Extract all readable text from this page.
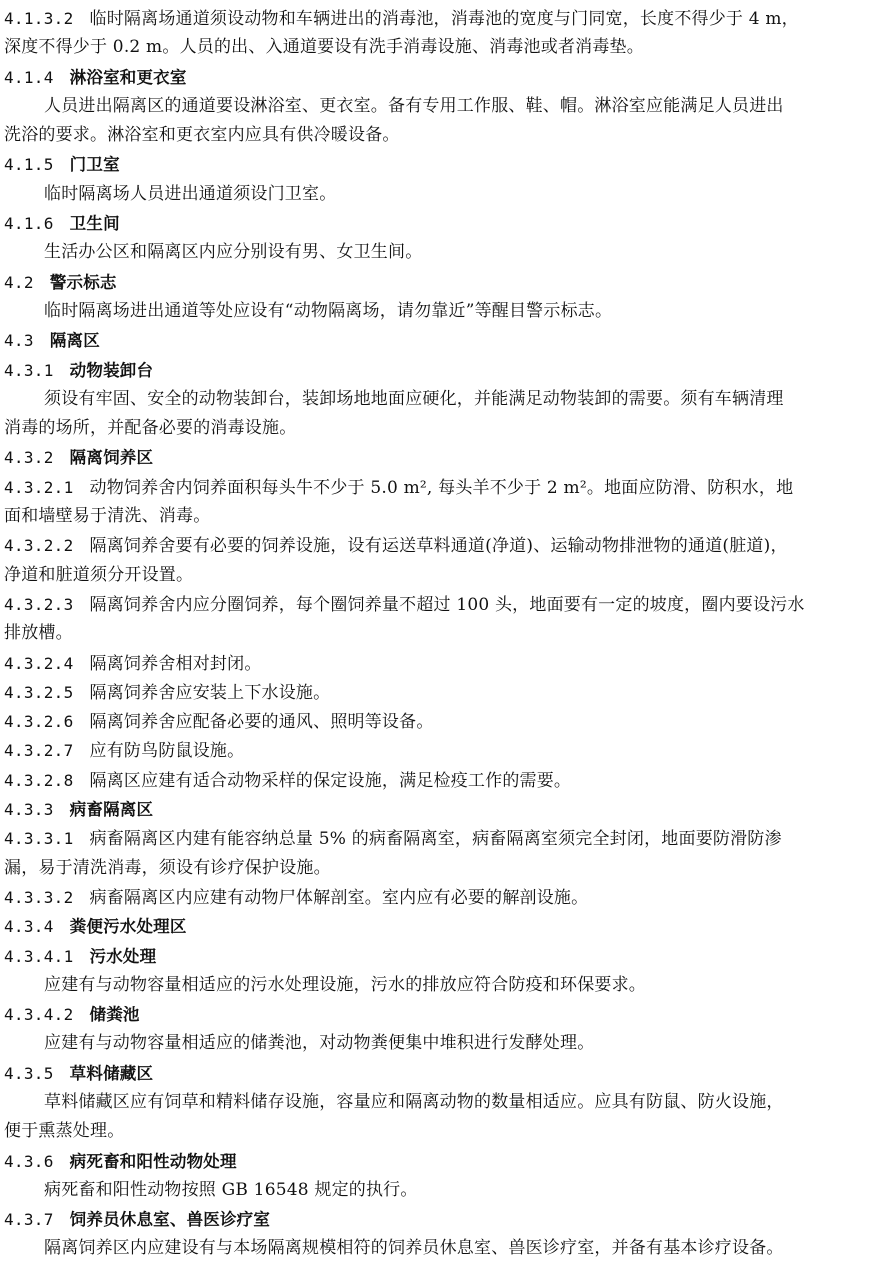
4.1.3.2 临时隔离场通道须设动物和车辆进出的消毒池，消毒池的宽度与门同宽，长度不得少于 4 m，
深度不得少于 0.2 m。人员的出、入通道要设有洗手消毒设施、消毒池或者消毒垫。
4.1.4 淋浴室和更衣室
人员进出隔离区的通道要设淋浴室、更衣室。备有专用工作服、鞋、帽。淋浴室应能满足人员进出
洗浴的要求。淋浴室和更衣室内应具有供冷暖设备。
4.1.5 门卫室
临时隔离场人员进出通道须设门卫室。
4.1.6 卫生间
生活办公区和隔离区内应分别设有男、女卫生间。
4.2 警示标志
临时隔离场进出通道等处应设有“动物隔离场，请勿靠近”等醒目警示标志。
4.3 隔离区
4.3.1 动物装卸台
须设有牢固、安全的动物装卸台，装卸场地地面应硬化，并能满足动物装卸的需要。须有车辆清理
消毒的场所，并配备必要的消毒设施。
4.3.2 隔离饲养区
4.3.2.1 动物饲养舍内饲养面积每头牛不少于 5.0 m², 每头羊不少于 2 m²。地面应防滑、防积水，地
面和墙壁易于清洗、消毒。
4.3.2.2 隔离饲养舍要有必要的饲养设施，设有运送草料通道(净道)、运输动物排泄物的通道(脏道)，
净道和脏道须分开设置。
4.3.2.3 隔离饲养舍内应分圈饲养，每个圈饲养量不超过 100 头，地面要有一定的坡度，圈内要设污水
排放槽。
4.3.2.4 隔离饲养舍相对封闭。
4.3.2.5 隔离饲养舍应安装上下水设施。
4.3.2.6 隔离饲养舍应配备必要的通风、照明等设备。
4.3.2.7 应有防鸟防鼠设施。
4.3.2.8 隔离区应建有适合动物采样的保定设施，满足检疫工作的需要。
4.3.3 病畜隔离区
4.3.3.1 病畜隔离区内建有能容纳总量 5% 的病畜隔离室，病畜隔离室须完全封闭，地面要防滑防渗
漏，易于清洗消毒，须设有诊疗保护设施。
4.3.3.2 病畜隔离区内应建有动物尸体解剖室。室内应有必要的解剖设施。
4.3.4 粪便污水处理区
4.3.4.1 污水处理
应建有与动物容量相适应的污水处理设施，污水的排放应符合防疫和环保要求。
4.3.4.2 储粪池
应建有与动物容量相适应的储粪池，对动物粪便集中堆积进行发酵处理。
4.3.5 草料储藏区
草料储藏区应有饲草和精料储存设施，容量应和隔离动物的数量相适应。应具有防鼠、防火设施，
便于熏蒸处理。
4.3.6 病死畜和阳性动物处理
病死畜和阳性动物按照 GB 16548 规定的执行。
4.3.7 饲养员休息室、兽医诊疗室
隔离饲养区内应建设有与本场隔离规模相符的饲养员休息室、兽医诊疗室，并备有基本诊疗设备。
